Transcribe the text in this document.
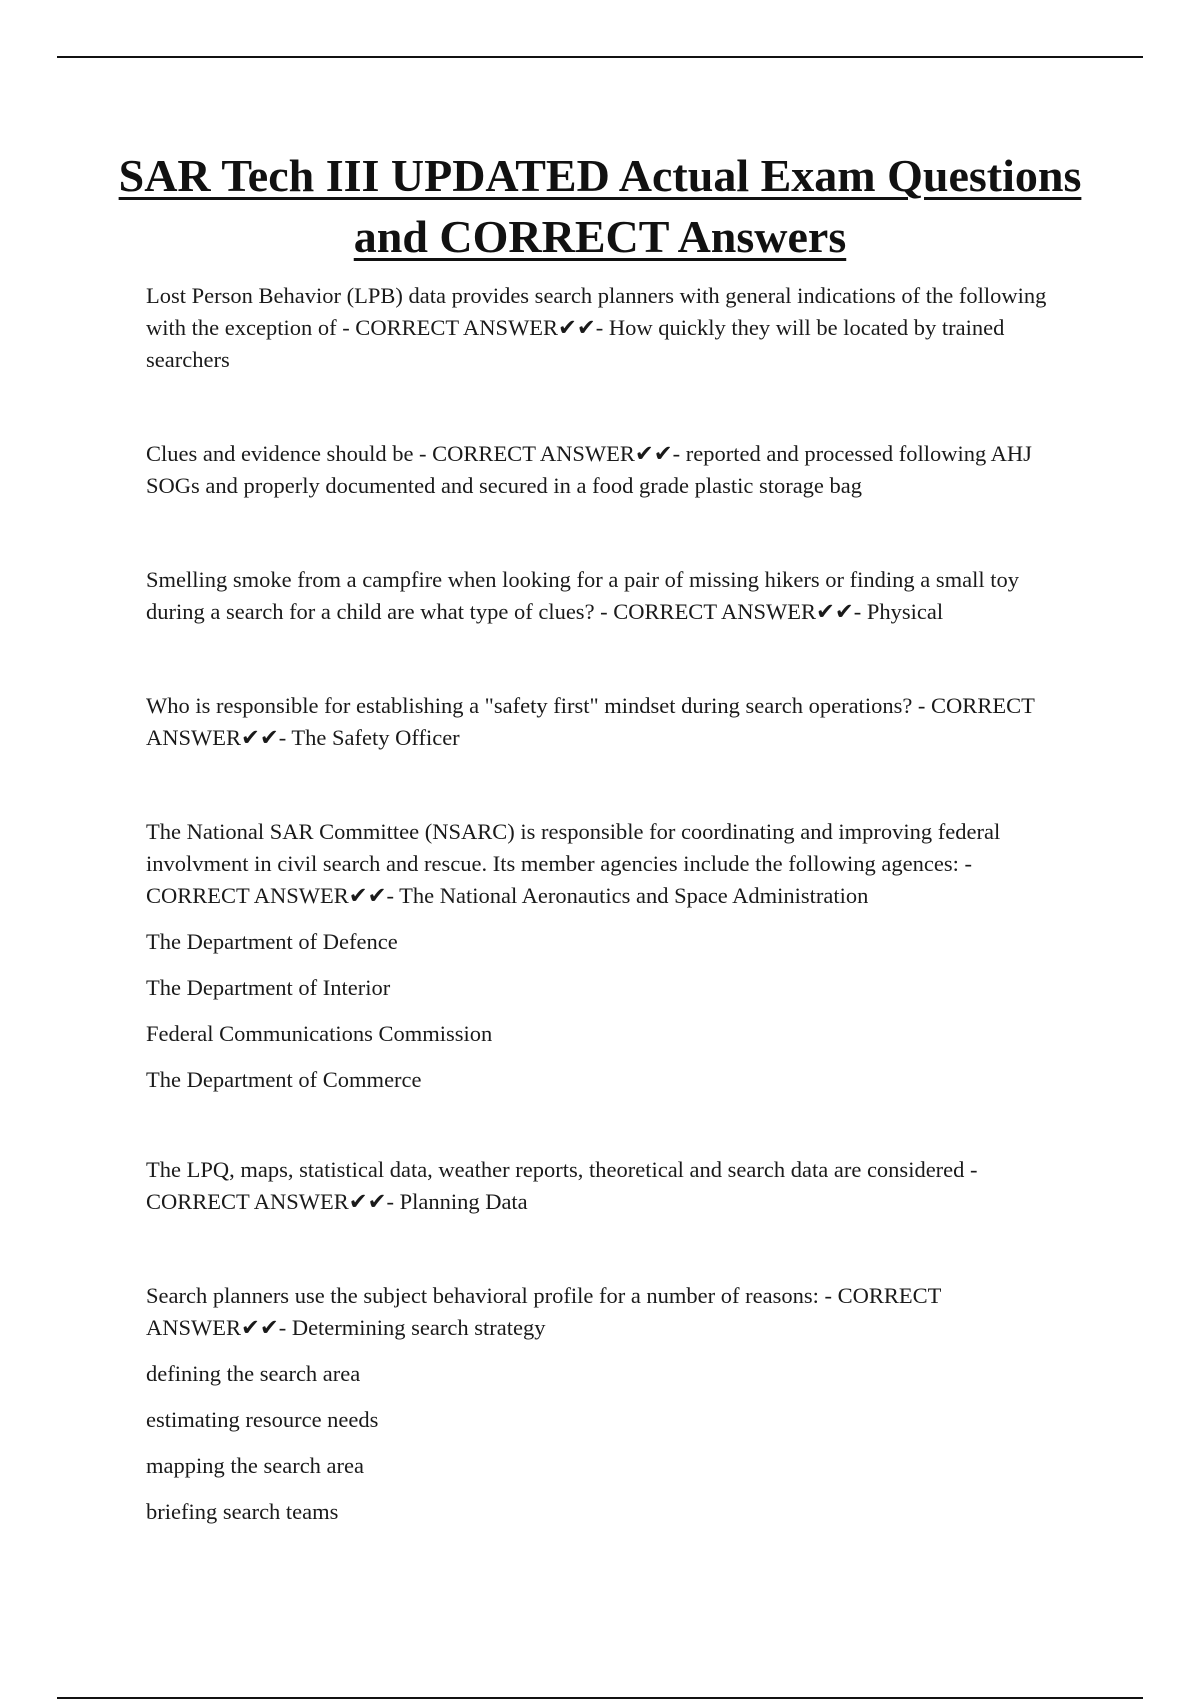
SAR Tech III UPDATED Actual Exam Questions and CORRECT Answers

Lost Person Behavior (LPB) data provides search planners with general indications of the following with the exception of - CORRECT ANSWER✔✔- How quickly they will be located by trained searchers

Clues and evidence should be - CORRECT ANSWER✔✔- reported and processed following AHJ SOGs and properly documented and secured in a food grade plastic storage bag

Smelling smoke from a campfire when looking for a pair of missing hikers or finding a small toy during a search for a child are what type of clues? - CORRECT ANSWER✔✔- Physical

Who is responsible for establishing a "safety first" mindset during search operations? - CORRECT ANSWER✔✔- The Safety Officer

The National SAR Committee (NSARC) is responsible for coordinating and improving federal involvment in civil search and rescue. Its member agencies include the following agences: - CORRECT ANSWER✔✔- The National Aeronautics and Space Administration

The Department of Defence

The Department of Interior

Federal Communications Commission

The Department of Commerce

The LPQ, maps, statistical data, weather reports, theoretical and search data are considered - CORRECT ANSWER✔✔- Planning Data

Search planners use the subject behavioral profile for a number of reasons: - CORRECT ANSWER✔✔- Determining search strategy

defining the search area

estimating resource needs

mapping the search area

briefing search teams
